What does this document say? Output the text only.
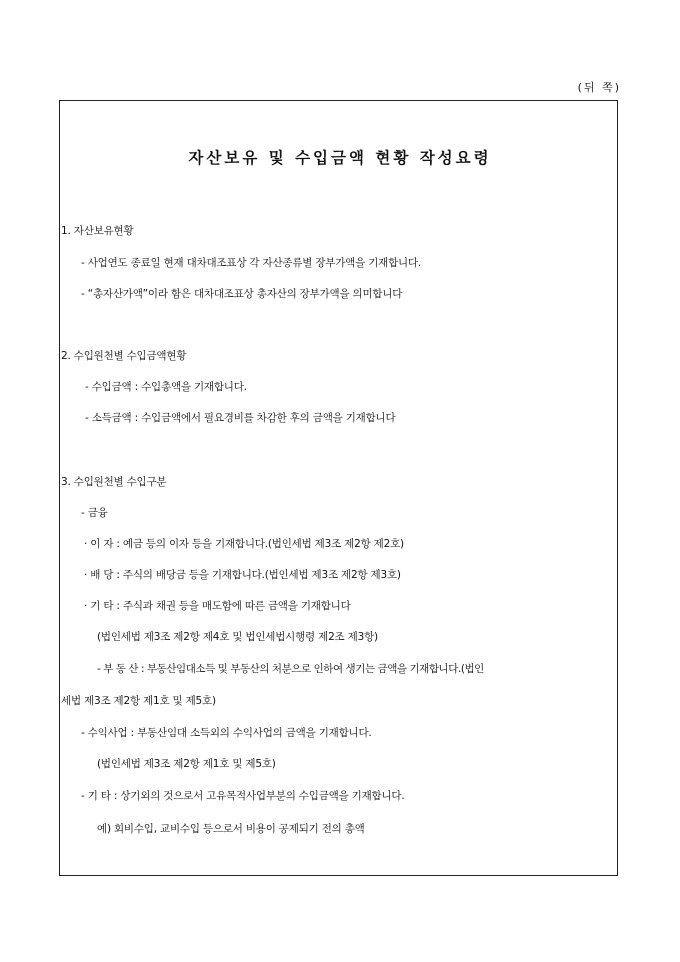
(뒤 쪽)
자산보유 및 수입금액 현황 작성요령
1. 자산보유현황
- 사업연도 종료일 현재 대차대조표상 각 자산종류별 장부가액을 기재합니다.
- “총자산가액”이라 함은 대차대조표상 총자산의 장부가액을 의미합니다
2. 수입원천별 수입금액현황
- 수입금액 : 수입총액을 기재합니다.
- 소득금액 : 수입금액에서 필요경비를 차감한 후의 금액을 기재합니다
3. 수입원천별 수입구분
- 금융
· 이 자 : 예금 등의 이자 등을 기재합니다.(법인세법 제3조 제2항 제2호)
· 배 당 : 주식의 배당금 등을 기재합니다.(법인세법 제3조 제2항 제3호)
· 기 타 : 주식과 채권 등을 매도함에 따른 금액을 기재합니다
(법인세법 제3조 제2항 제4호 및 법인세법시행령 제2조 제3항)
- 부 동 산 : 부동산임대소득 및 부동산의 처분으로 인하여 생기는 금액을 기재합니다.(법인
세법 제3조 제2항 제1호 및 제5호)
- 수익사업 : 부동산임대 소득외의 수익사업의 금액을 기재합니다.
(법인세법 제3조 제2항 제1호 및 제5호)
- 기 타 : 상기외의 것으로서 고유목적사업부분의 수입금액을 기재합니다.
예) 회비수입, 교비수입 등으로서 비용이 공제되기 전의 총액
